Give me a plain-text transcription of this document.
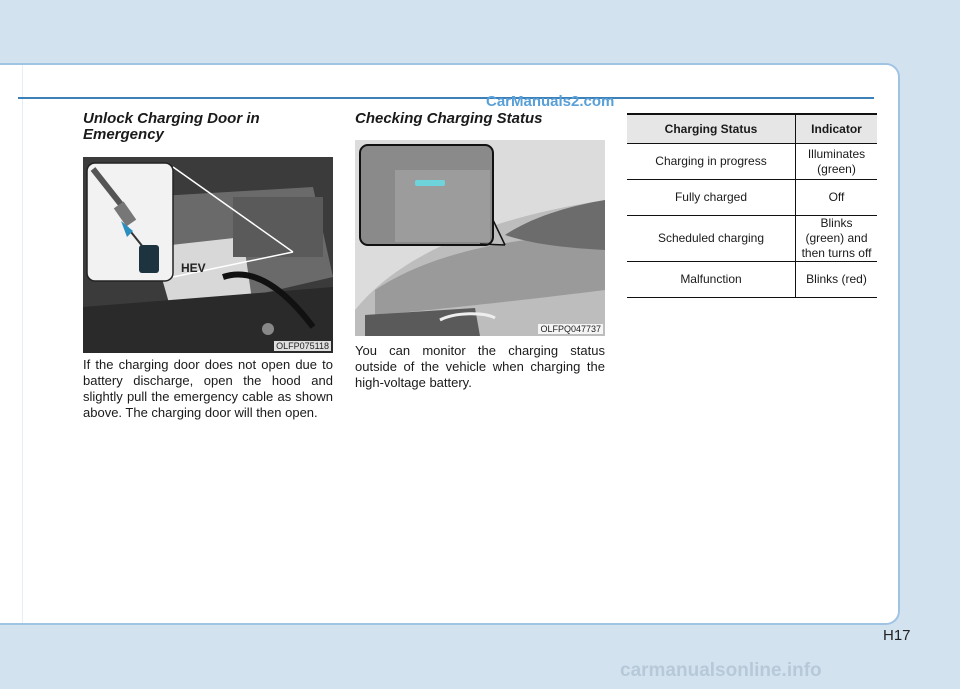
CarManuals2.com
Unlock Charging Door in Emergency
HEV
OLFP075118
If the charging door does not open due to battery discharge, open the hood and slightly pull the emergency cable as shown above. The charging door will then open.
Checking Charging Status
OLFPQ047737
You can monitor the charging status outside of the vehicle when charging the high-voltage battery.
Charging Status	Indicator
Charging in progress	Illuminates (green)
Fully charged	Off
Scheduled charging	Blinks (green) and then turns off
Malfunction	Blinks (red)
H17
carmanualsonline.info
